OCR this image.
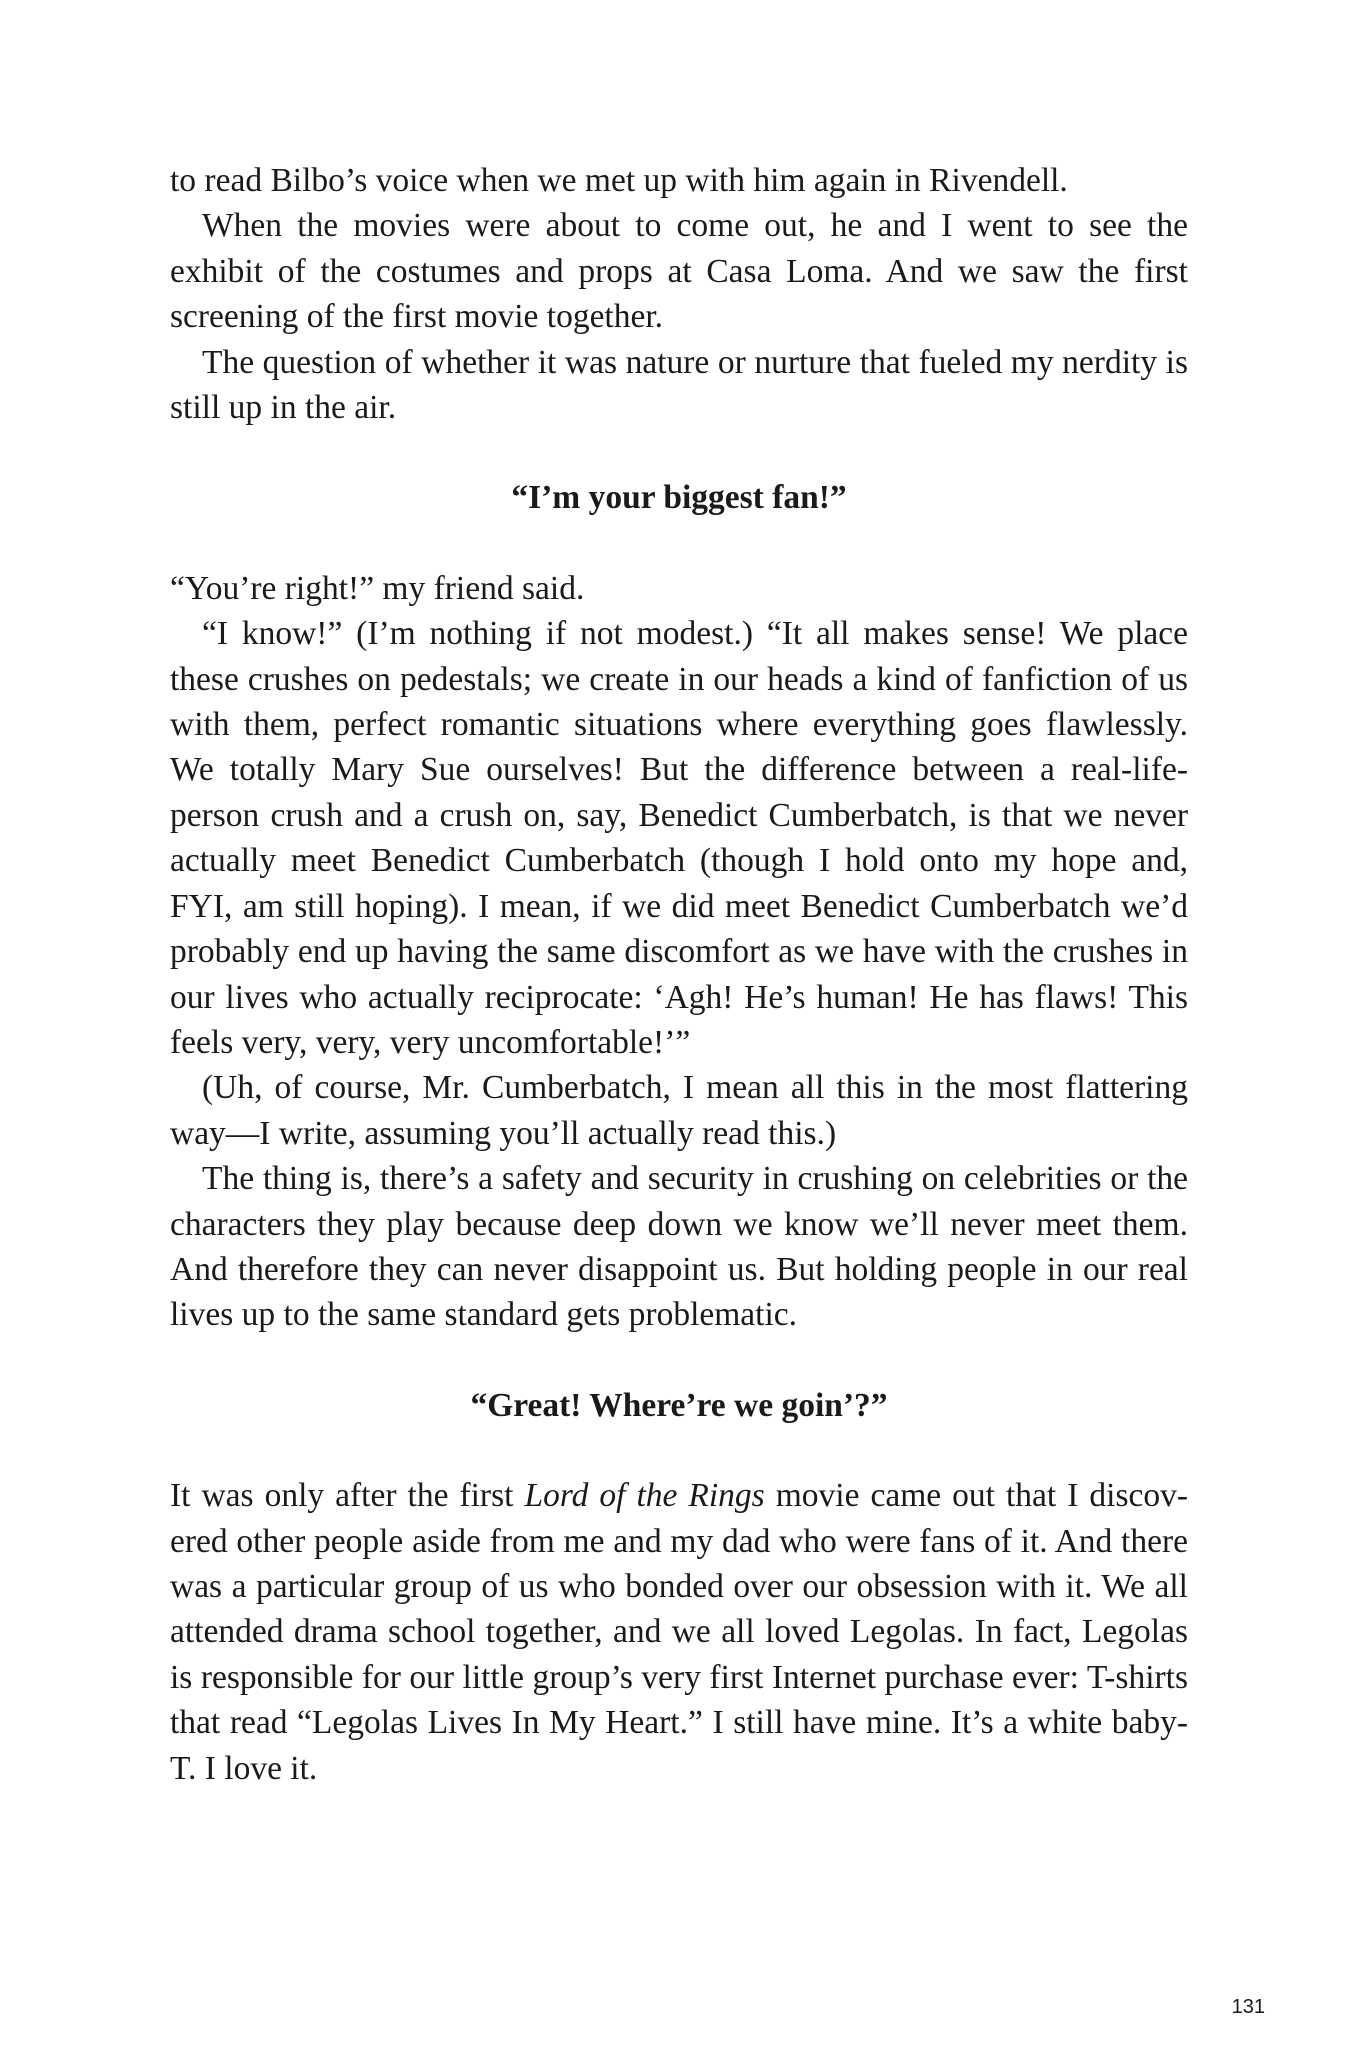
to read Bilbo’s voice when we met up with him again in Rivendell.

When the movies were about to come out, he and I went to see the exhibit of the costumes and props at Casa Loma. And we saw the first screening of the first movie together.

The question of whether it was nature or nurture that fueled my nerdity is still up in the air.

“I’m your biggest fan!”

“You’re right!” my friend said.

“I know!” (I’m nothing if not modest.) “It all makes sense! We place these crushes on pedestals; we create in our heads a kind of fanfiction of us with them, perfect romantic situations where everything goes flawlessly. We totally Mary Sue ourselves! But the difference between a real-life-person crush and a crush on, say, Benedict Cumberbatch, is that we never actually meet Benedict Cumberbatch (though I hold onto my hope and, FYI, am still hoping). I mean, if we did meet Benedict Cumberbatch we’d probably end up having the same discomfort as we have with the crushes in our lives who actually reciprocate: ‘Agh! He’s human! He has flaws! This feels very, very, very uncomfortable!’”

(Uh, of course, Mr. Cumberbatch, I mean all this in the most flattering way—I write, assuming you’ll actually read this.)

The thing is, there’s a safety and security in crushing on celebrities or the characters they play because deep down we know we’ll never meet them. And therefore they can never disappoint us. But holding people in our real lives up to the same standard gets problematic.

“Great! Where’re we goin’?”

It was only after the first Lord of the Rings movie came out that I discovered other people aside from me and my dad who were fans of it. And there was a particular group of us who bonded over our obsession with it. We all attended drama school together, and we all loved Legolas. In fact, Legolas is responsible for our little group’s very first Internet purchase ever: T-shirts that read “Legolas Lives In My Heart.” I still have mine. It’s a white baby-T. I love it.

131
